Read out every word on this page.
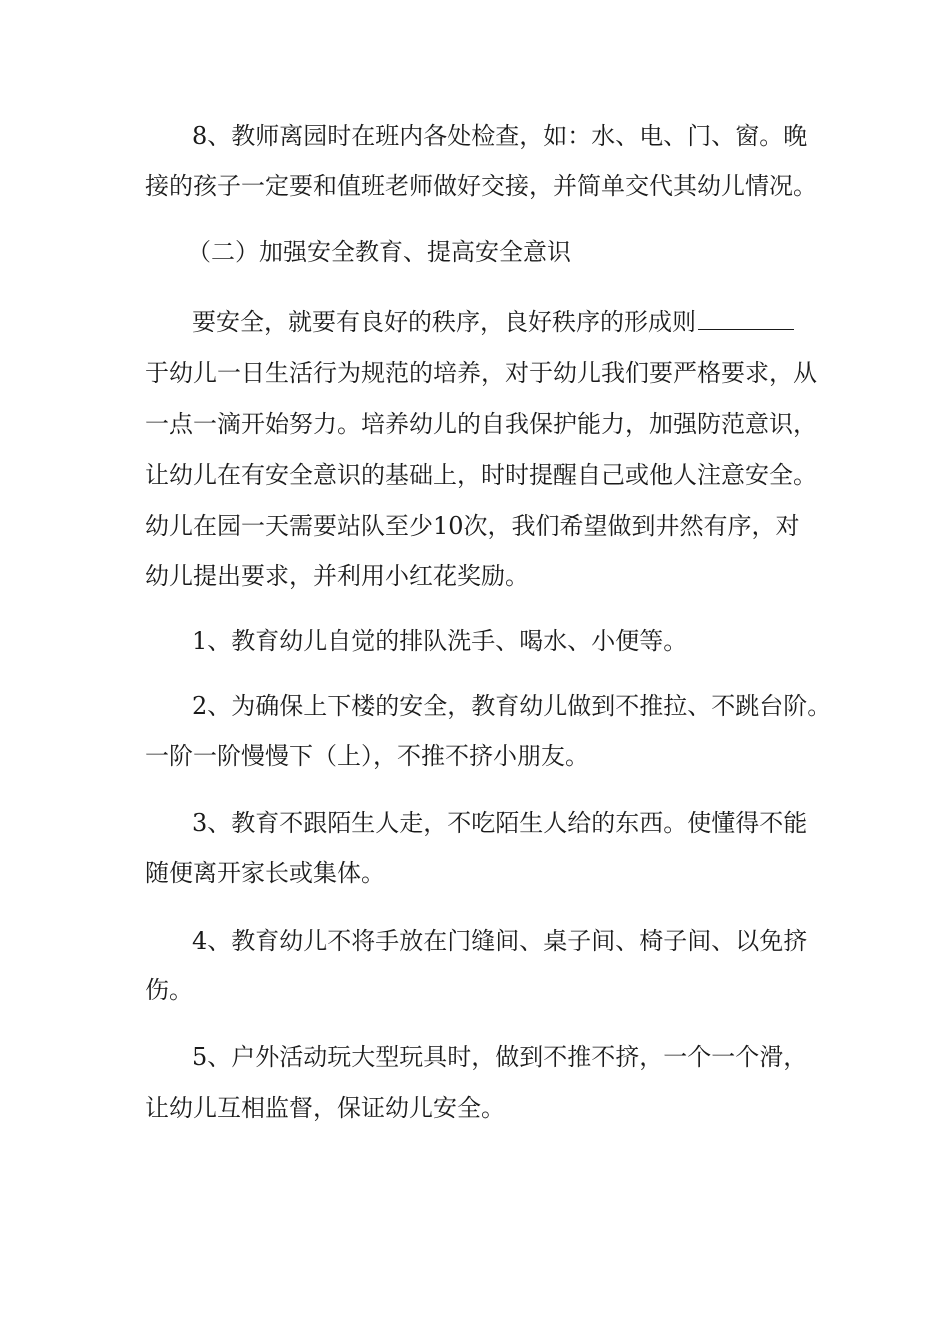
8、教师离园时在班内各处检查，如：水、电、门、窗。晚
接的孩子一定要和值班老师做好交接，并简单交代其幼儿情况。
（二）加强安全教育、提高安全意识
要安全，就要有良好的秩序，良好秩序的形成则
于幼儿一日生活行为规范的培养，对于幼儿我们要严格要求，从
一点一滴开始努力。培养幼儿的自我保护能力，加强防范意识，
让幼儿在有安全意识的基础上，时时提醒自己或他人注意安全。
幼儿在园一天需要站队至少10次，我们希望做到井然有序，对
幼儿提出要求，并利用小红花奖励。
1、教育幼儿自觉的排队洗手、喝水、小便等。
2、为确保上下楼的安全，教育幼儿做到不推拉、不跳台阶。
一阶一阶慢慢下（上），不推不挤小朋友。
3、教育不跟陌生人走，不吃陌生人给的东西。使懂得不能
随便离开家长或集体。
4、教育幼儿不将手放在门缝间、桌子间、椅子间、以免挤
伤。
5、户外活动玩大型玩具时，做到不推不挤，一个一个滑，
让幼儿互相监督，保证幼儿安全。
